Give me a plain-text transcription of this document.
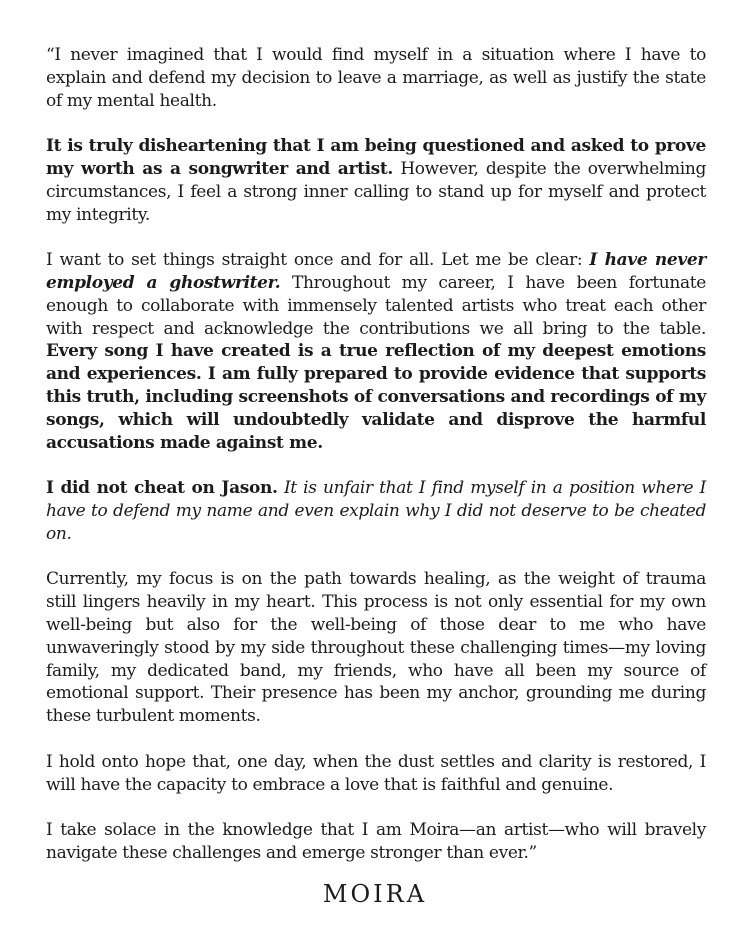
“I never imagined that I would find myself in a situation where I have to explain and defend my decision to leave a marriage, as well as justify the state of my mental health.

It is truly disheartening that I am being questioned and asked to prove my worth as a songwriter and artist. However, despite the overwhelming circumstances, I feel a strong inner calling to stand up for myself and protect my integrity.

I want to set things straight once and for all. Let me be clear: I have never employed a ghostwriter. Throughout my career, I have been fortunate enough to collaborate with immensely talented artists who treat each other with respect and acknowledge the contributions we all bring to the table. Every song I have created is a true reflection of my deepest emotions and experiences. I am fully prepared to provide evidence that supports this truth, including screenshots of conversations and recordings of my songs, which will undoubtedly validate and disprove the harmful accusations made against me.

I did not cheat on Jason. It is unfair that I find myself in a position where I have to defend my name and even explain why I did not deserve to be cheated on.

Currently, my focus is on the path towards healing, as the weight of trauma still lingers heavily in my heart. This process is not only essential for my own well-being but also for the well-being of those dear to me who have unwaveringly stood by my side throughout these challenging times—my loving family, my dedicated band, my friends, who have all been my source of emotional support. Their presence has been my anchor, grounding me during these turbulent moments.

I hold onto hope that, one day, when the dust settles and clarity is restored, I will have the capacity to embrace a love that is faithful and genuine.

I take solace in the knowledge that I am Moira—an artist—who will bravely navigate these challenges and emerge stronger than ever.”

MOIRA
